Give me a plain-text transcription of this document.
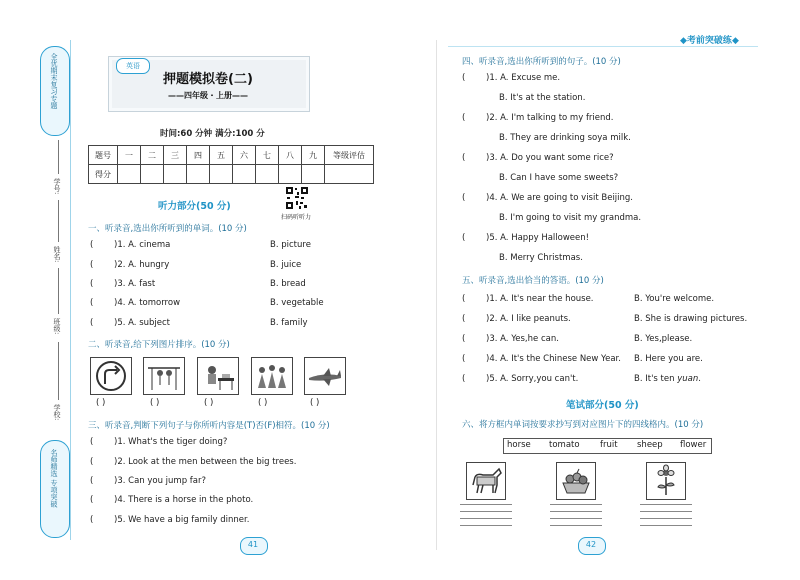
全优期末复习专题
学号:
姓名:
班级:
学校:
名师精选 专项突破
◆考前突破练◆
英语
押题模拟卷(二)
——四年级・上册——
时间:60 分钟 满分:100 分
题号	一	二	三	四	五	六	七	八	九	等级评估
得分										
扫码听听力
听力部分(50 分)
一、听录音,选出你所听到的单词。(10 分)
( )1. A. cinema	B. picture
( )2. A. hungry	B. juice
( )3. A. fast	B. bread
( )4. A. tomorrow	B. vegetable
( )5. A. subject	B. family
二、听录音,给下列图片排序。(10 分)
( )	( )	( )	( )	( )
三、听录音,判断下列句子与你所听内容是(T)否(F)相符。(10 分)
( )1. What's the tiger doing?
( )2. Look at the men between the big trees.
( )3. Can you jump far?
( )4. There is a horse in the photo.
( )5. We have a big family dinner.
41
四、听录音,选出你所听到的句子。(10 分)
( )1. A. Excuse me.
B. It's at the station.
( )2. A. I'm talking to my friend.
B. They are drinking soya milk.
( )3. A. Do you want some rice?
B. Can I have some sweets?
( )4. A. We are going to visit Beijing.
B. I'm going to visit my grandma.
( )5. A. Happy Halloween!
B. Merry Christmas.
五、听录音,选出恰当的答语。(10 分)
( )1. A. It's near the house.	B. You're welcome.
( )2. A. I like peanuts.	B. She is drawing pictures.
( )3. A. Yes,he can.	B. Yes,please.
( )4. A. It's the Chinese New Year. B. Here you are.
( )5. A. Sorry,you can't.	B. It's ten yuan.
笔试部分(50 分)
六、将方框内单词按要求抄写到对应图片下的四线格内。(10 分)
horse tomato fruit sheep flower
42
